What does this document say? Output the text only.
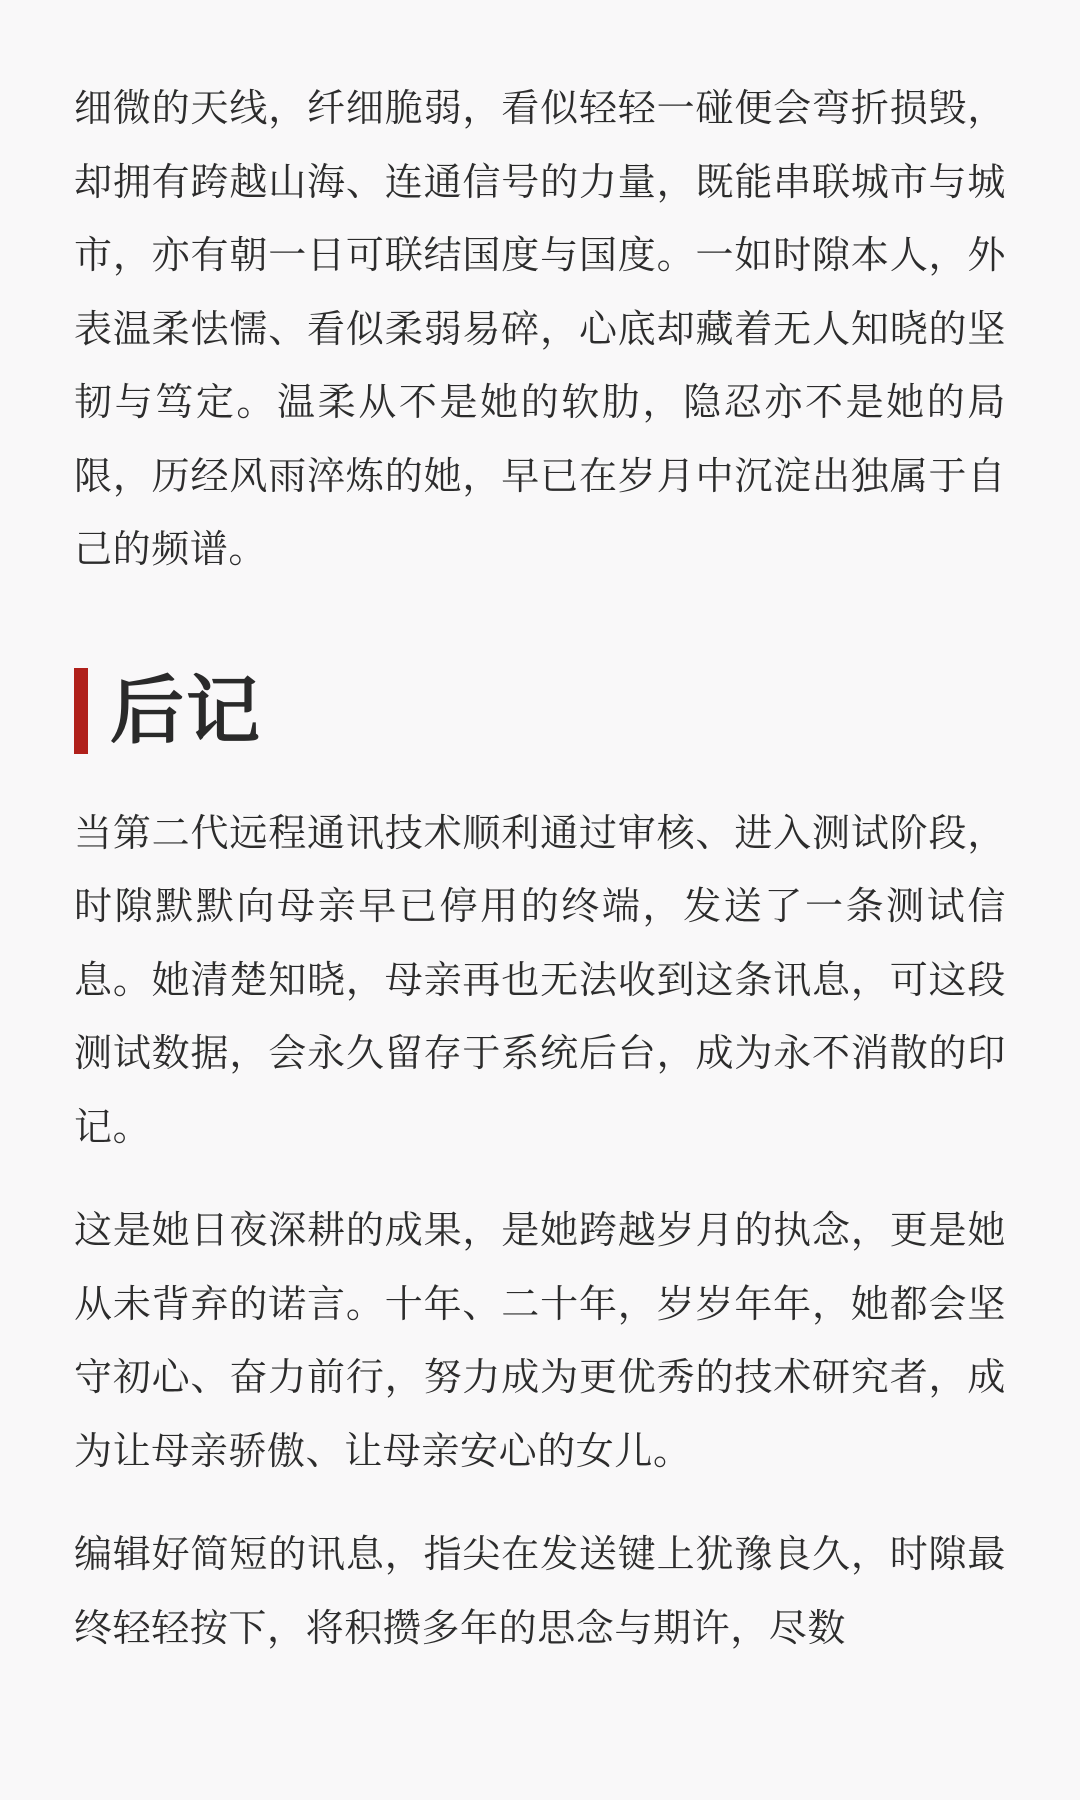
细微的天线，纤细脆弱，看似轻轻一碰便会弯折损毁，却拥有跨越山海、连通信号的力量，既能串联城市与城市，亦有朝一日可联结国度与国度。一如时隙本人，外表温柔怯懦、看似柔弱易碎，心底却藏着无人知晓的坚韧与笃定。温柔从不是她的软肋，隐忍亦不是她的局限，历经风雨淬炼的她，早已在岁月中沉淀出独属于自己的频谱。

后记

当第二代远程通讯技术顺利通过审核、进入测试阶段，时隙默默向母亲早已停用的终端，发送了一条测试信息。她清楚知晓，母亲再也无法收到这条讯息，可这段测试数据，会永久留存于系统后台，成为永不消散的印记。

这是她日夜深耕的成果，是她跨越岁月的执念，更是她从未背弃的诺言。十年、二十年，岁岁年年，她都会坚守初心、奋力前行，努力成为更优秀的技术研究者，成为让母亲骄傲、让母亲安心的女儿。

编辑好简短的讯息，指尖在发送键上犹豫良久，时隙最终轻轻按下，将积攒多年的思念与期许，尽数
